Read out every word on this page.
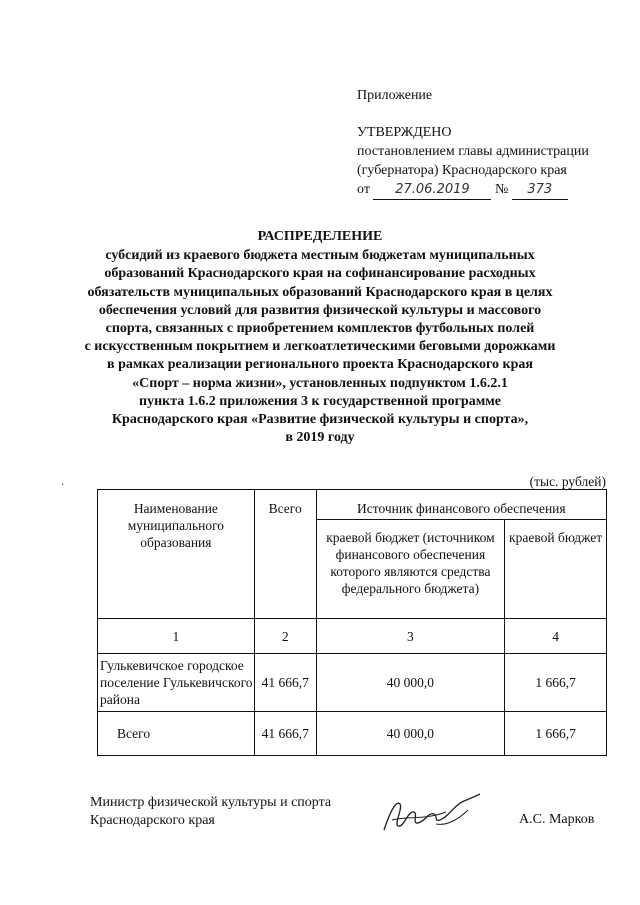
Приложение
УТВЕРЖДЕНО
постановлением главы администрации
(губернатора) Краснодарского края
от 27.06.2019 № 373
РАСПРЕДЕЛЕНИЕ
субсидий из краевого бюджета местным бюджетам муниципальных
образований Краснодарского края на софинансирование расходных
обязательств муниципальных образований Краснодарского края в целях
обеспечения условий для развития физической культуры и массового
спорта, связанных с приобретением комплектов футбольных полей
с искусственным покрытием и легкоатлетическими беговыми дорожками
в рамках реализации регионального проекта Краснодарского края
«Спорт – норма жизни», установленных подпунктом 1.6.2.1
пункта 1.6.2 приложения 3 к государственной программе
Краснодарского края «Развитие физической культуры и спорта»,
в 2019 году
·	(тыс. рублей)
Наименование муниципального образования	Всего	Источник финансового обеспечения	
		краевой бюджет (источником финансового обеспечения которого являются средства федерального бюджета)	краевой бюджет
1	2	3	4
Гулькевичское городское поселение Гулькевичского района	41 666,7	40 000,0	1 666,7
Всего	41 666,7	40 000,0	1 666,7
Министр физической культуры и спорта
Краснодарского края	А.С. Марков
